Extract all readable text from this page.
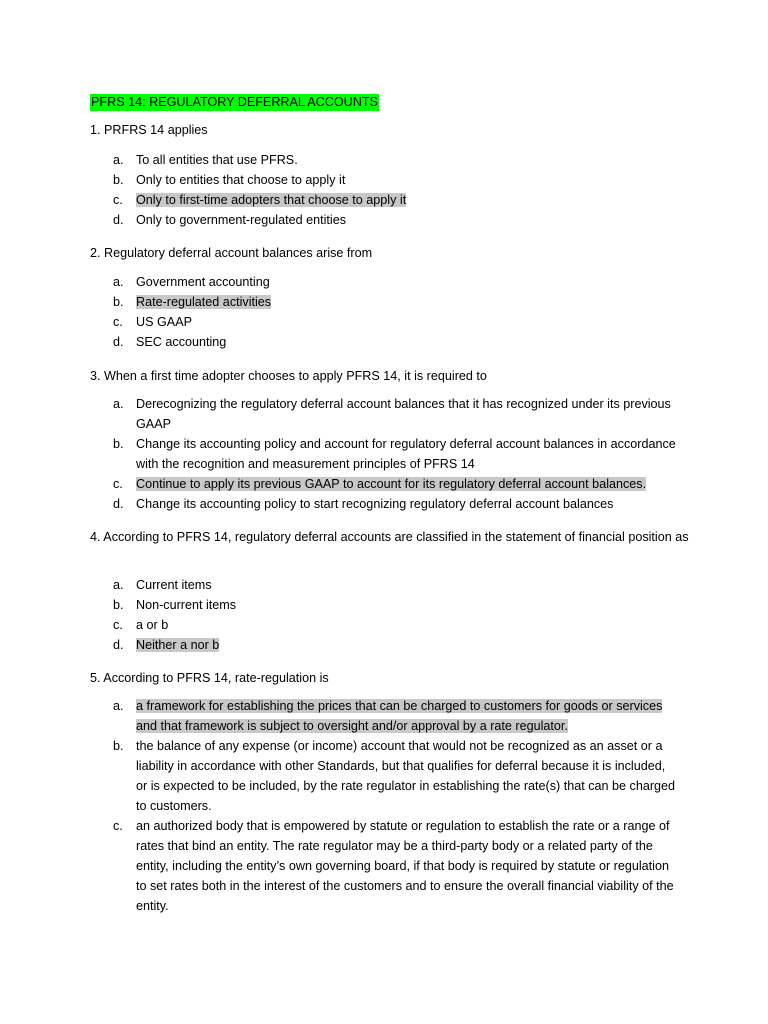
PFRS 14: REGULATORY DEFERRAL ACCOUNTS
1. PRFRS 14 applies
a. To all entities that use PFRS.
b. Only to entities that choose to apply it
c. Only to first-time adopters that choose to apply it
d. Only to government-regulated entities
2. Regulatory deferral account balances arise from
a. Government accounting
b. Rate-regulated activities
c. US GAAP
d. SEC accounting
3. When a first time adopter chooses to apply PFRS 14, it is required to
a. Derecognizing the regulatory deferral account balances that it has recognized under its previous GAAP
b. Change its accounting policy and account for regulatory deferral account balances in accordance with the recognition and measurement principles of PFRS 14
c. Continue to apply its previous GAAP to account for its regulatory deferral account balances.
d. Change its accounting policy to start recognizing regulatory deferral account balances
4. According to PFRS 14, regulatory deferral accounts are classified in the statement of financial position as
a. Current items
b. Non-current items
c. a or b
d. Neither a nor b
5. According to PFRS 14, rate-regulation is
a. a framework for establishing the prices that can be charged to customers for goods or services and that framework is subject to oversight and/or approval by a rate regulator.
b. the balance of any expense (or income) account that would not be recognized as an asset or a liability in accordance with other Standards, but that qualifies for deferral because it is included, or is expected to be included, by the rate regulator in establishing the rate(s) that can be charged to customers.
c. an authorized body that is empowered by statute or regulation to establish the rate or a range of rates that bind an entity. The rate regulator may be a third-party body or a related party of the entity, including the entity’s own governing board, if that body is required by statute or regulation to set rates both in the interest of the customers and to ensure the overall financial viability of the entity.
